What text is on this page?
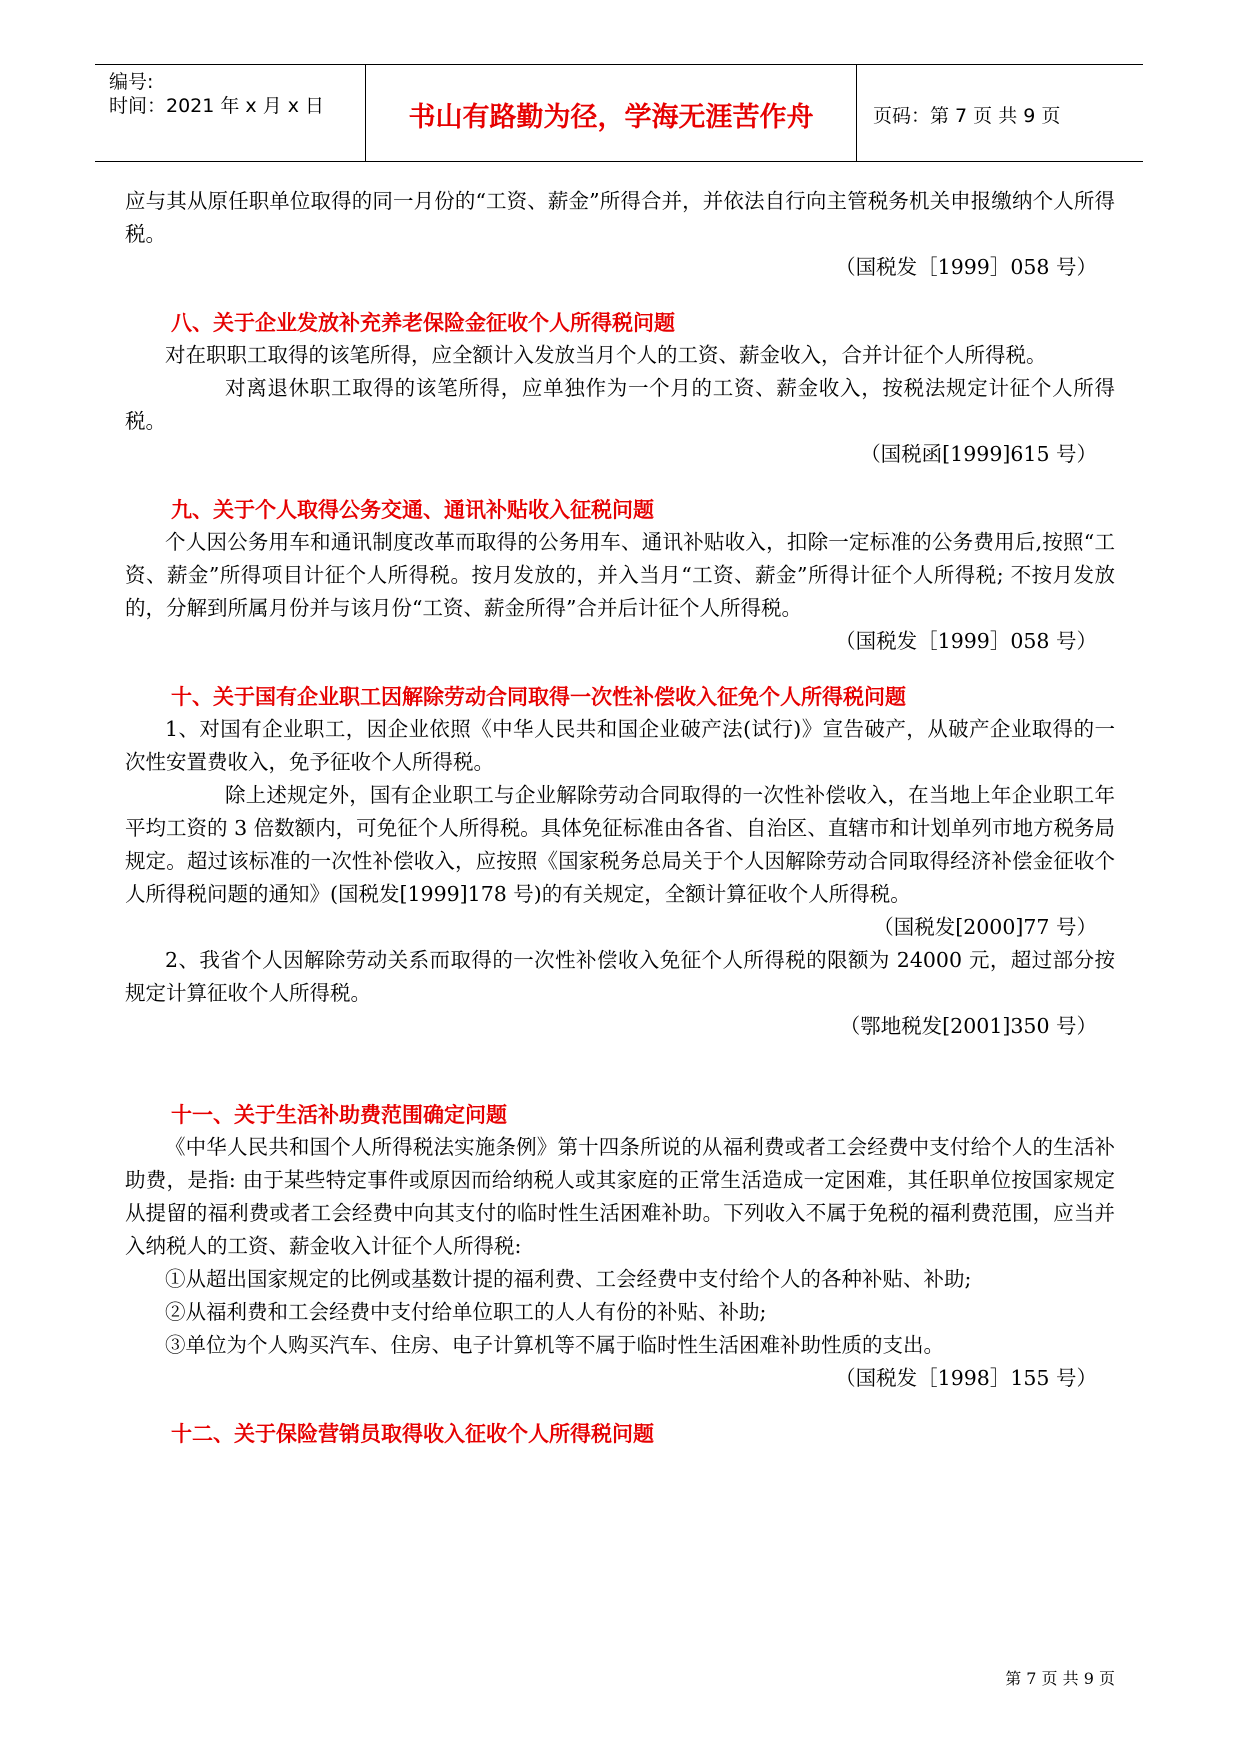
编号:
时间：2021 年 x 月 x 日	书山有路勤为径，学海无涯苦作舟	页码：第 7 页 共 9 页

应与其从原任职单位取得的同一月份的“工资、薪金”所得合并，并依法自行向主管税务机关申报缴纳个人所得税。

（国税发［1999］058 号）
八、关于企业发放补充养老保险金征收个人所得税问题

对在职职工取得的该笔所得，应全额计入发放当月个人的工资、薪金收入，合并计征个人所得税。

对离退休职工取得的该笔所得，应单独作为一个月的工资、薪金收入，按税法规定计征个人所得税。

（国税函[1999]615 号）
九、关于个人取得公务交通、通讯补贴收入征税问题

个人因公务用车和通讯制度改革而取得的公务用车、通讯补贴收入，扣除一定标准的公务费用后,按照“工资、薪金”所得项目计征个人所得税。按月发放的，并入当月“工资、薪金”所得计征个人所得税; 不按月发放的，分解到所属月份并与该月份“工资、薪金所得”合并后计征个人所得税。

（国税发［1999］058 号）
十、关于国有企业职工因解除劳动合同取得一次性补偿收入征免个人所得税问题

1、对国有企业职工，因企业依照《中华人民共和国企业破产法(试行)》宣告破产，从破产企业取得的一次性安置费收入，免予征收个人所得税。

除上述规定外，国有企业职工与企业解除劳动合同取得的一次性补偿收入，在当地上年企业职工年平均工资的 3 倍数额内，可免征个人所得税。具体免征标准由各省、自治区、直辖市和计划单列市地方税务局规定。超过该标准的一次性补偿收入，应按照《国家税务总局关于个人因解除劳动合同取得经济补偿金征收个人所得税问题的通知》(国税发[1999]178 号)的有关规定，全额计算征收个人所得税。

（国税发[2000]77 号）

2、我省个人因解除劳动关系而取得的一次性补偿收入免征个人所得税的限额为 24000 元，超过部分按规定计算征收个人所得税。

（鄂地税发[2001]350 号）
十一、关于生活补助费范围确定问题

《中华人民共和国个人所得税法实施条例》第十四条所说的从福利费或者工会经费中支付给个人的生活补助费，是指: 由于某些特定事件或原因而给纳税人或其家庭的正常生活造成一定困难，其任职单位按国家规定从提留的福利费或者工会经费中向其支付的临时性生活困难补助。下列收入不属于免税的福利费范围，应当并入纳税人的工资、薪金收入计征个人所得税:

①从超出国家规定的比例或基数计提的福利费、工会经费中支付给个人的各种补贴、补助;

②从福利费和工会经费中支付给单位职工的人人有份的补贴、补助;

③单位为个人购买汽车、住房、电子计算机等不属于临时性生活困难补助性质的支出。

（国税发［1998］155 号）
十二、关于保险营销员取得收入征收个人所得税问题
第 7 页 共 9 页
